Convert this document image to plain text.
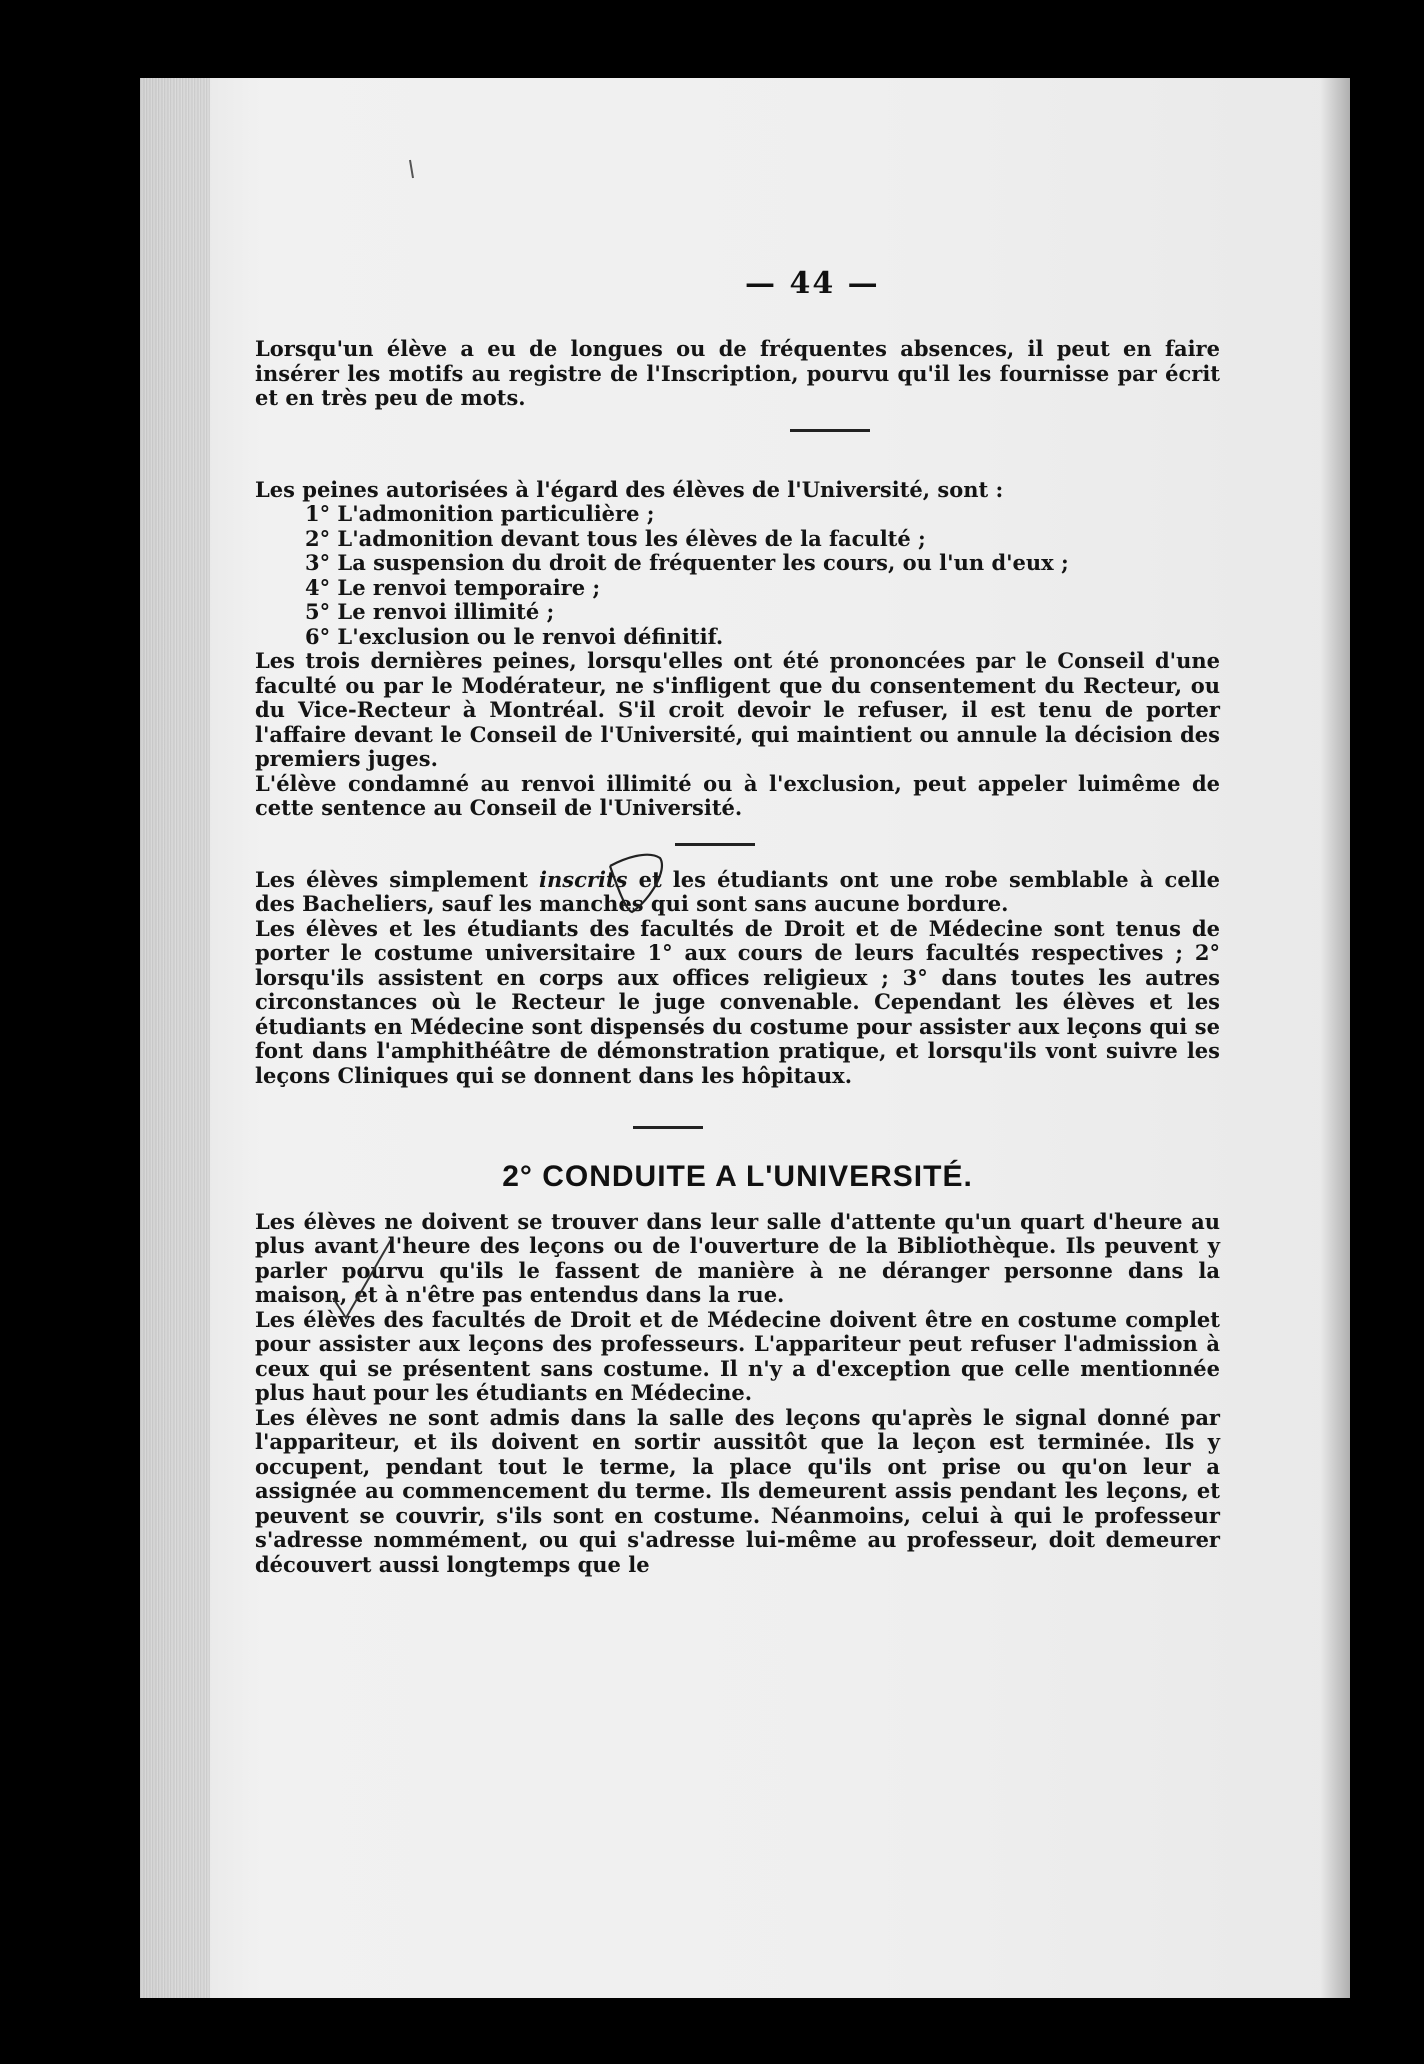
— 44 —

Lorsqu'un élève a eu de longues ou de fréquentes absences, il peut en faire insérer les motifs au registre de l'Inscription, pourvu qu'il les fournisse par écrit et en très peu de mots.

Les peines autorisées à l'égard des élèves de l'Université, sont :

1° L'admonition particulière ;
2° L'admonition devant tous les élèves de la faculté ;
3° La suspension du droit de fréquenter les cours, ou l'un d'eux ;
4° Le renvoi temporaire ;
5° Le renvoi illimité ;
6° L'exclusion ou le renvoi définitif.

Les trois dernières peines, lorsqu'elles ont été prononcées par le Conseil d'une faculté ou par le Modérateur, ne s'infligent que du consentement du Recteur, ou du Vice-Recteur à Montréal. S'il croit devoir le refuser, il est tenu de porter l'affaire devant le Conseil de l'Université, qui maintient ou annule la décision des premiers juges.

L'élève condamné au renvoi illimité ou à l'exclusion, peut appeler luimême de cette sentence au Conseil de l'Université.

Les élèves simplement inscrits et les étudiants ont une robe semblable à celle des Bacheliers, sauf les manches qui sont sans aucune bordure.

Les élèves et les étudiants des facultés de Droit et de Médecine sont tenus de porter le costume universitaire 1° aux cours de leurs facultés respectives ; 2° lorsqu'ils assistent en corps aux offices religieux ; 3° dans toutes les autres circonstances où le Recteur le juge convenable. Cependant les élèves et les étudiants en Médecine sont dispensés du costume pour assister aux leçons qui se font dans l'amphithéâtre de démonstration pratique, et lorsqu'ils vont suivre les leçons Cliniques qui se donnent dans les hôpitaux.

2° CONDUITE A L'UNIVERSITÉ.

Les élèves ne doivent se trouver dans leur salle d'attente qu'un quart d'heure au plus avant l'heure des leçons ou de l'ouverture de la Bibliothèque. Ils peuvent y parler pourvu qu'ils le fassent de manière à ne déranger personne dans la maison, et à n'être pas entendus dans la rue.

Les élèves des facultés de Droit et de Médecine doivent être en costume complet pour assister aux leçons des professeurs. L'appariteur peut refuser l'admission à ceux qui se présentent sans costume. Il n'y a d'exception que celle mentionnée plus haut pour les étudiants en Médecine.

Les élèves ne sont admis dans la salle des leçons qu'après le signal donné par l'appariteur, et ils doivent en sortir aussitôt que la leçon est terminée. Ils y occupent, pendant tout le terme, la place qu'ils ont prise ou qu'on leur a assignée au commencement du terme. Ils demeurent assis pendant les leçons, et peuvent se couvrir, s'ils sont en costume. Néanmoins, celui à qui le professeur s'adresse nommément, ou qui s'adresse lui-même au professeur, doit demeurer découvert aussi longtemps que le
